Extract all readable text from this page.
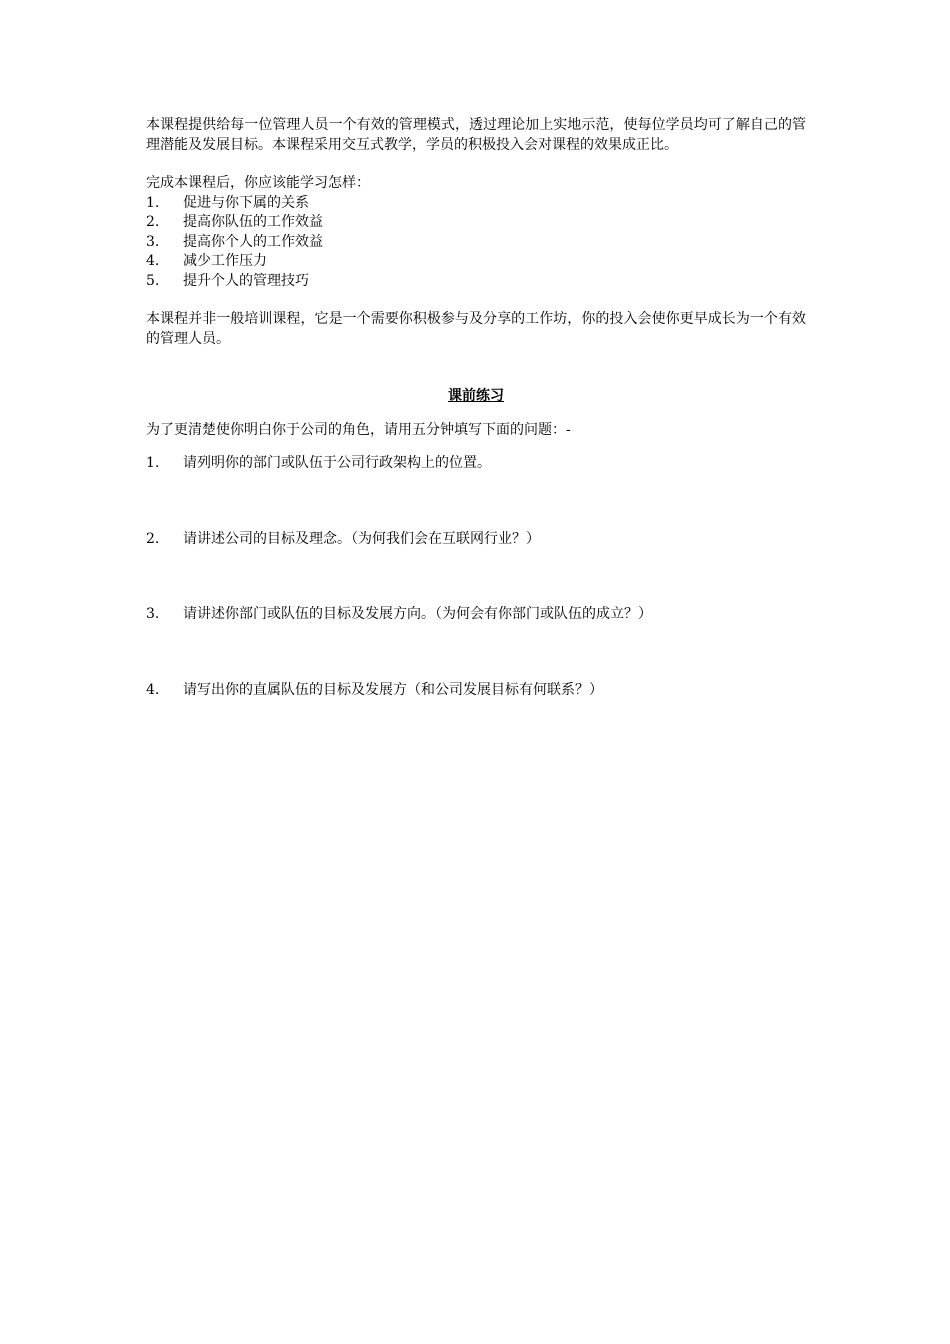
本课程提供给每一位管理人员一个有效的管理模式，透过理论加上实地示范，使每位学员均可了解自己的管理潜能及发展目标。本课程采用交互式教学，学员的积极投入会对课程的效果成正比。

完成本课程后，你应该能学习怎样：

1.	促进与你下属的关系
2.	提高你队伍的工作效益
3.	提高你个人的工作效益
4.	减少工作压力
5.	提升个人的管理技巧

本课程并非一般培训课程，它是一个需要你积极参与及分享的工作坊，你的投入会使你更早成长为一个有效的管理人员。

课前练习

为了更清楚使你明白你于公司的角色，请用五分钟填写下面的问题：-

1.	请列明你的部门或队伍于公司行政架构上的位置。
2.	请讲述公司的目标及理念。（为何我们会在互联网行业？）
3.	请讲述你部门或队伍的目标及发展方向。（为何会有你部门或队伍的成立？）
4.	请写出你的直属队伍的目标及发展方（和公司发展目标有何联系？）
